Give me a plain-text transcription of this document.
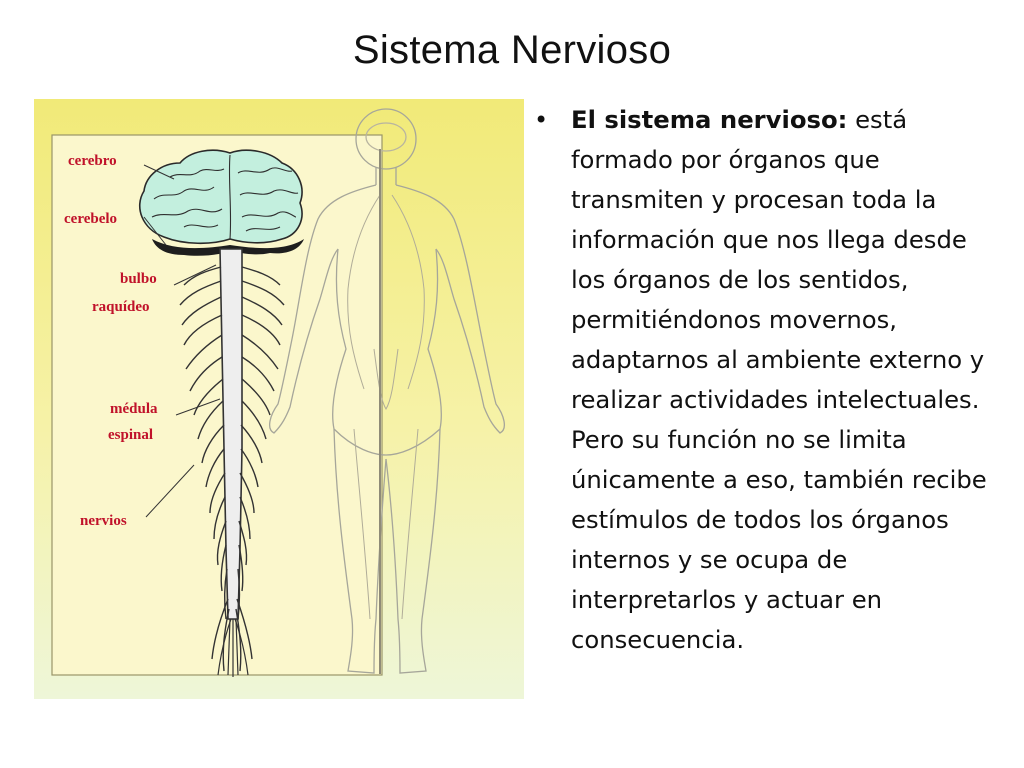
Sistema Nervioso
cerebro
cerebelo
bulbo
raquídeo
médula
espinal
nervios
• El sistema nervioso: está formado por órganos que transmiten y procesan toda la información que nos llega desde los órganos de los sentidos, permitiéndonos movernos, adaptarnos al ambiente externo y realizar actividades intelectuales. Pero su función no se limita únicamente a eso, también recibe estímulos de todos los órganos internos y se ocupa de interpretarlos y actuar en consecuencia.
